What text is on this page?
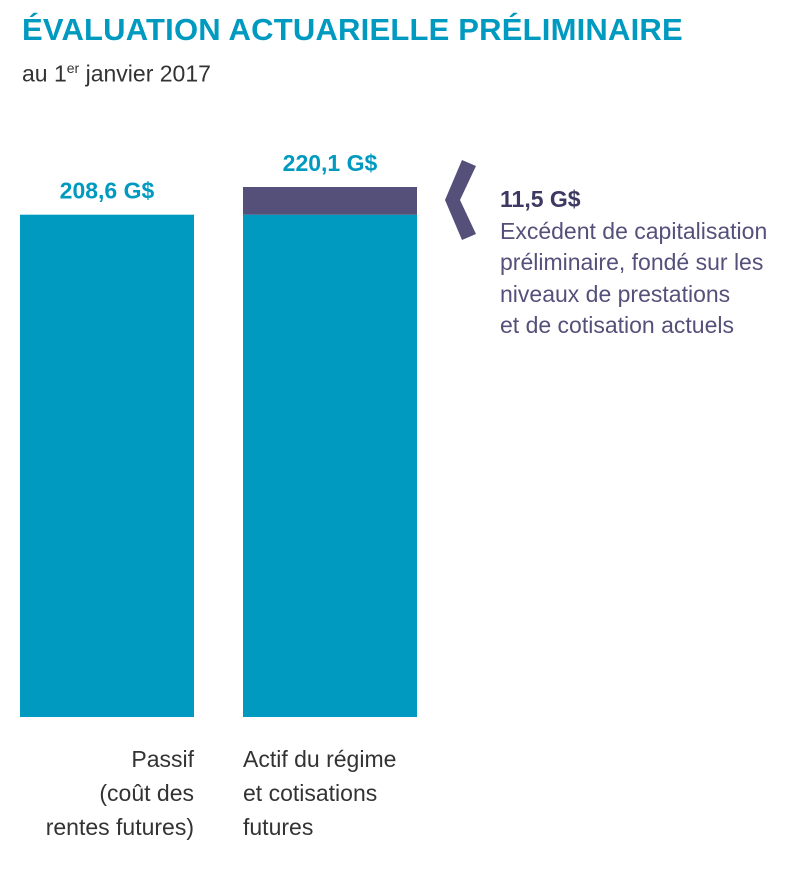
ÉVALUATION ACTUARIELLE PRÉLIMINAIRE
au 1er janvier 2017
208,6 G$
220,1 G$
11,5 G$
Excédent de capitalisation
préliminaire, fondé sur les
niveaux de prestations
et de cotisation actuels
Passif
(coût des
rentes futures)
Actif du régime
et cotisations
futures
